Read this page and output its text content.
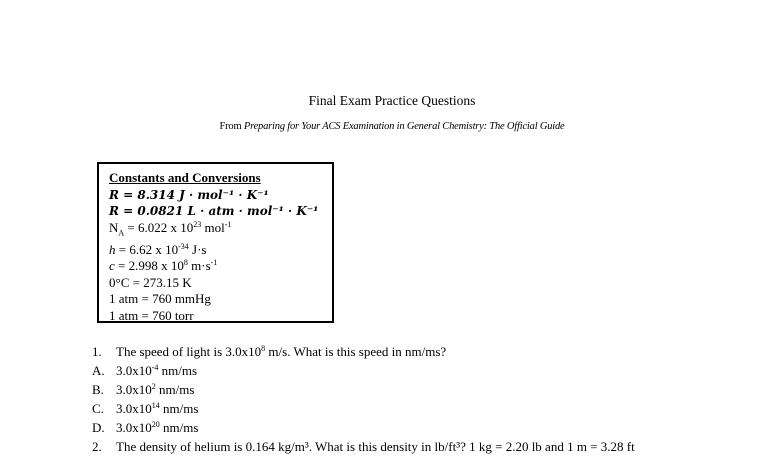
Final Exam Practice Questions
From Preparing for Your ACS Examination in General Chemistry: The Official Guide
Constants and Conversions
R = 8.314 J · mol⁻¹ · K⁻¹
R = 0.0821 L · atm · mol⁻¹ · K⁻¹
$N_A = 6.022$ x $10^{23}$ mol$^{-1}$
h = 6.62 x $10^{-34}$ J·s
c = 2.998 x $10^8$ $m\cdot s^{-1}$
0°C = 273.15 K
1 atm = 760 mmHg
1 atm = 760 torr
1. The speed of light is $3.0x10^8$ m/s. What is this speed in nm/ms?
A. $3.0x10^{-4}$ nm/ms
B. $3.0x10^2$ nm/ms
C. $3.0x10^{14}$ nm/ms
D. $3.0x10^{20}$ nm/ms
2. The density of helium is 0.164 kg/m³. What is this density in lb/ft³? 1 kg = 2.20 lb and 1 m = 3.28 ft
